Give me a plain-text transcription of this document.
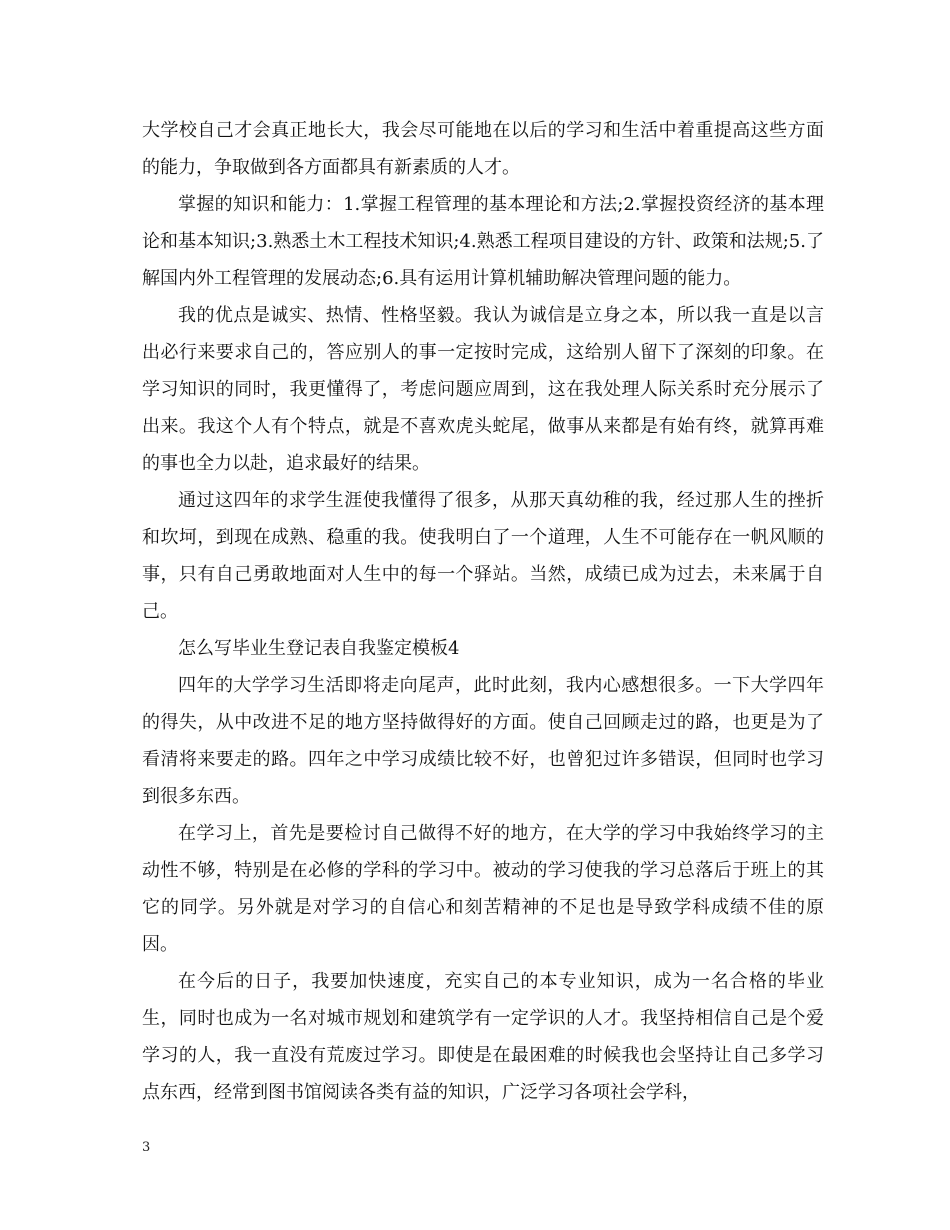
大学校自己才会真正地长大，我会尽可能地在以后的学习和生活中着重提高这些方面的能力，争取做到各方面都具有新素质的人才。

掌握的知识和能力：1.掌握工程管理的基本理论和方法;2.掌握投资经济的基本理论和基本知识;3.熟悉土木工程技术知识;4.熟悉工程项目建设的方针、政策和法规;5.了解国内外工程管理的发展动态;6.具有运用计算机辅助解决管理问题的能力。

我的优点是诚实、热情、性格坚毅。我认为诚信是立身之本，所以我一直是以言出必行来要求自己的，答应别人的事一定按时完成，这给别人留下了深刻的印象。在学习知识的同时，我更懂得了，考虑问题应周到，这在我处理人际关系时充分展示了出来。我这个人有个特点，就是不喜欢虎头蛇尾，做事从来都是有始有终，就算再难的事也全力以赴，追求最好的结果。

通过这四年的求学生涯使我懂得了很多，从那天真幼稚的我，经过那人生的挫折和坎坷，到现在成熟、稳重的我。使我明白了一个道理，人生不可能存在一帆风顺的事，只有自己勇敢地面对人生中的每一个驿站。当然，成绩已成为过去，未来属于自己。

怎么写毕业生登记表自我鉴定模板4

四年的大学学习生活即将走向尾声，此时此刻，我内心感想很多。一下大学四年的得失，从中改进不足的地方坚持做得好的方面。使自己回顾走过的路，也更是为了看清将来要走的路。四年之中学习成绩比较不好，也曾犯过许多错误，但同时也学习到很多东西。

在学习上，首先是要检讨自己做得不好的地方，在大学的学习中我始终学习的主动性不够，特别是在必修的学科的学习中。被动的学习使我的学习总落后于班上的其它的同学。另外就是对学习的自信心和刻苦精神的不足也是导致学科成绩不佳的原因。

在今后的日子，我要加快速度，充实自己的本专业知识，成为一名合格的毕业生，同时也成为一名对城市规划和建筑学有一定学识的人才。我坚持相信自己是个爱学习的人，我一直没有荒废过学习。即使是在最困难的时候我也会坚持让自己多学习点东西，经常到图书馆阅读各类有益的知识，广泛学习各项社会学科，

3
